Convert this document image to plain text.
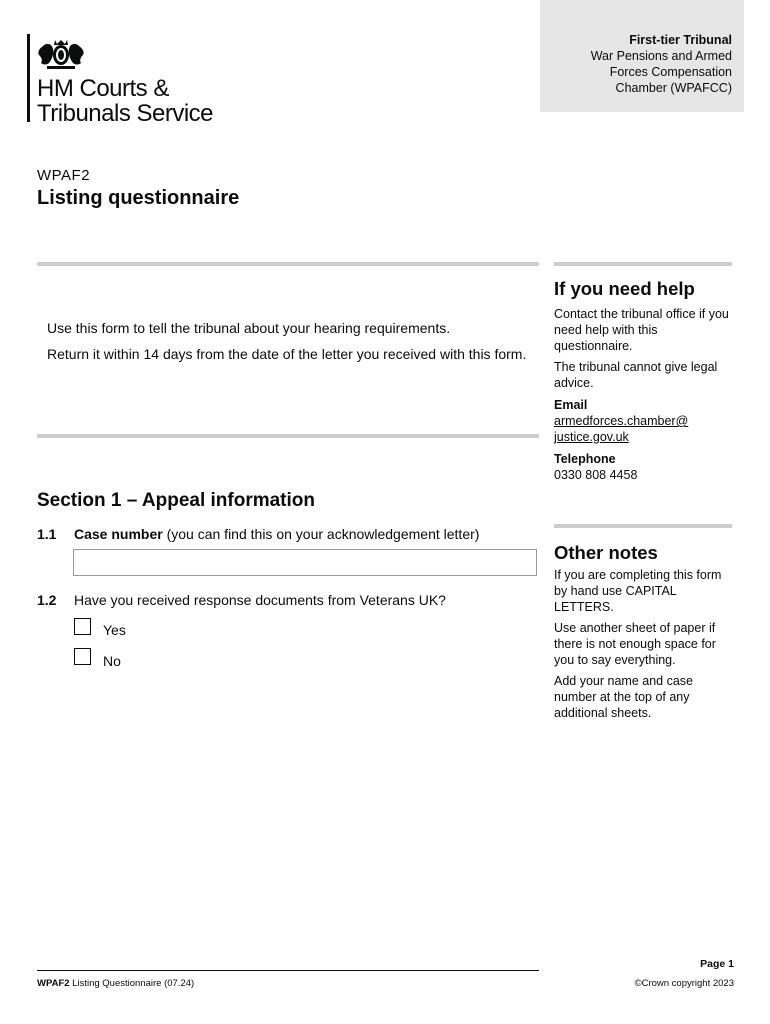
HM Courts &
Tribunals Service
First-tier Tribunal
War Pensions and Armed
Forces Compensation
Chamber (WPAFCC)
WPAF2
Listing questionnaire

Use this form to tell the tribunal about your hearing requirements.

Return it within 14 days from the date of the letter you received with this form.

If you need help

Contact the tribunal office if you need help with this questionnaire.

The tribunal cannot give legal advice.

Email
armedforces.chamber@
justice.gov.uk
Telephone
0330 808 4458
Other notes

If you are completing this form by hand use CAPITAL LETTERS.

Use another sheet of paper if there is not enough space for you to say everything.

Add your name and case number at the top of any additional sheets.

Section 1 – Appeal information
1.1 Case number (you can find this on your acknowledgement letter)
1.2 Have you received response documents from Veterans UK?
Yes
No
Page 1
WPAF2 Listing Questionnaire (07.24)	©Crown copyright 2023
